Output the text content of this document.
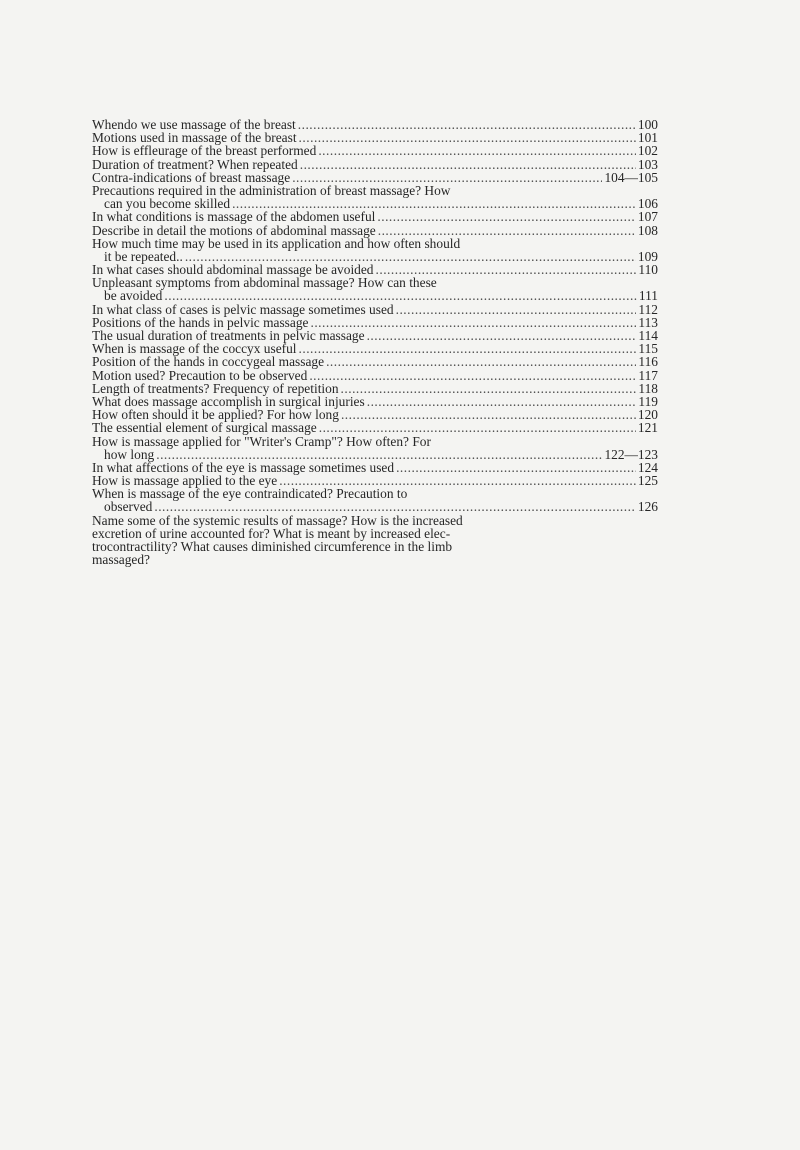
Whendo we use massage of the breast .....	100
Motions used in massage of the breast .....	101
How is effleurage of the breast performed .....	102
Duration of treatment? When repeated .....	103
Contra-indications of breast massage .....	104—105
Precautions required in the administration of breast massage? How
can you become skilled .....	106
In what conditions is massage of the abdomen useful .....	107
Describe in detail the motions of abdominal massage .....	108
How much time may be used in its application and how often should
it be repeated.. .....	109
In what cases should abdominal massage be avoided .....	110
Unpleasant symptoms from abdominal massage? How can these
be avoided .....	111
In what class of cases is pelvic massage sometimes used .....	112
Positions of the hands in pelvic massage .....	113
The usual duration of treatments in pelvic massage .....	114
When is massage of the coccyx useful .....	115
Position of the hands in coccygeal massage .....	116
Motion used? Precaution to be observed .....	117
Length of treatments? Frequency of repetition .....	118
What does massage accomplish in surgical injuries .....	119
How often should it be applied? For how long .....	120
The essential element of surgical massage .....	121
How is massage applied for "Writer's Cramp"? How often? For
how long .....	122—123
In what affections of the eye is massage sometimes used .....	124
How is massage applied to the eye .....	125
When is massage of the eye contraindicated? Precaution to
observed .....	126
Name some of the systemic results of massage? How is the increased
excretion of urine accounted for? What is meant by increased elec-
trocontractility? What causes diminished circumference in the limb
massaged?
